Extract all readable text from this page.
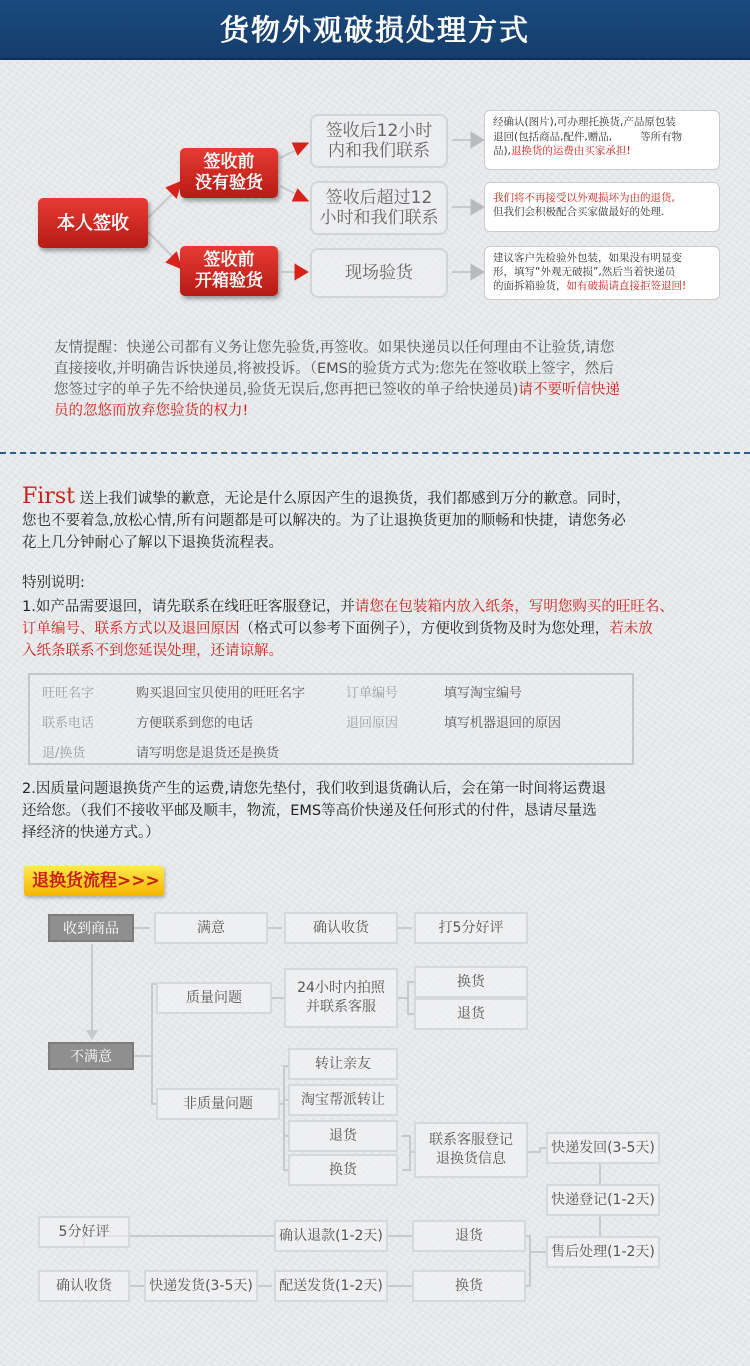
货物外观破损处理方式
本人签收
签收前
没有验货
签收前
开箱验货
签收后12小时
内和我们联系
签收后超过12
小时和我们联系
现场验货
经确认(图片),可办理托换货,产品原包装
退回(包括商品,配件,赠品,	等所有物
品),退换货的运费由买家承担!
我们将不再接受以外观损坏为由的退货,
但我们会积极配合买家做最好的处理.
建议客户先检验外包装，如果没有明显变
形，填写“外观无破损”,然后当着快递员
的面拆箱验货，如有破损请直接拒签退回!
友情提醒：快递公司都有义务让您先验货,再签收。如果快递员以任何理由不让验货,请您
直接接收,并明确告诉快递员,将被投诉。（EMS的验货方式为:您先在签收联上签字，然后
您签过字的单子先不给快递员,验货无误后,您再把已签收的单子给快递员)请不要听信快递
员的忽悠而放弃您验货的权力!
First 送上我们诚挚的歉意，无论是什么原因产生的退换货，我们都感到万分的歉意。同时，
您也不要着急,放松心情,所有问题都是可以解决的。为了让退换货更加的顺畅和快捷，请您务必
花上几分钟耐心了解以下退换货流程表。
特别说明:
1.如产品需要退回，请先联系在线旺旺客服登记，并请您在包装箱内放入纸条，写明您购买的旺旺名、
订单编号、联系方式以及退回原因（格式可以参考下面例子），方便收到货物及时为您处理，若未放
入纸条联系不到您延误处理，还请谅解。
旺旺名字	购买退回宝贝使用的旺旺名字	订单编号	填写淘宝编号
联系电话	方便联系到您的电话	退回原因	填写机器退回的原因
退/换货	请写明您是退货还是换货
2.因质量问题退换货产生的运费,请您先垫付，我们收到退货确认后，会在第一时间将运费退
还给您。（我们不接收平邮及顺丰，物流，EMS等高价快递及任何形式的付件，恳请尽量选
择经济的快递方式。）
退换货流程>>>
收到商品	满意	确认收货	打5分好评
不满意
质量问题
24小时内拍照
并联系客服
换货
退货
非质量问题
转让亲友
淘宝帮派转让
退货
换货
联系客服登记
退换货信息
快递发回(3-5天)
快递登记(1-2天)
售后处理(1-2天)
退货
换货
确认退款(1-2天)
配送发货(1-2天)
快递发货(3-5天)
确认收货
5分好评
